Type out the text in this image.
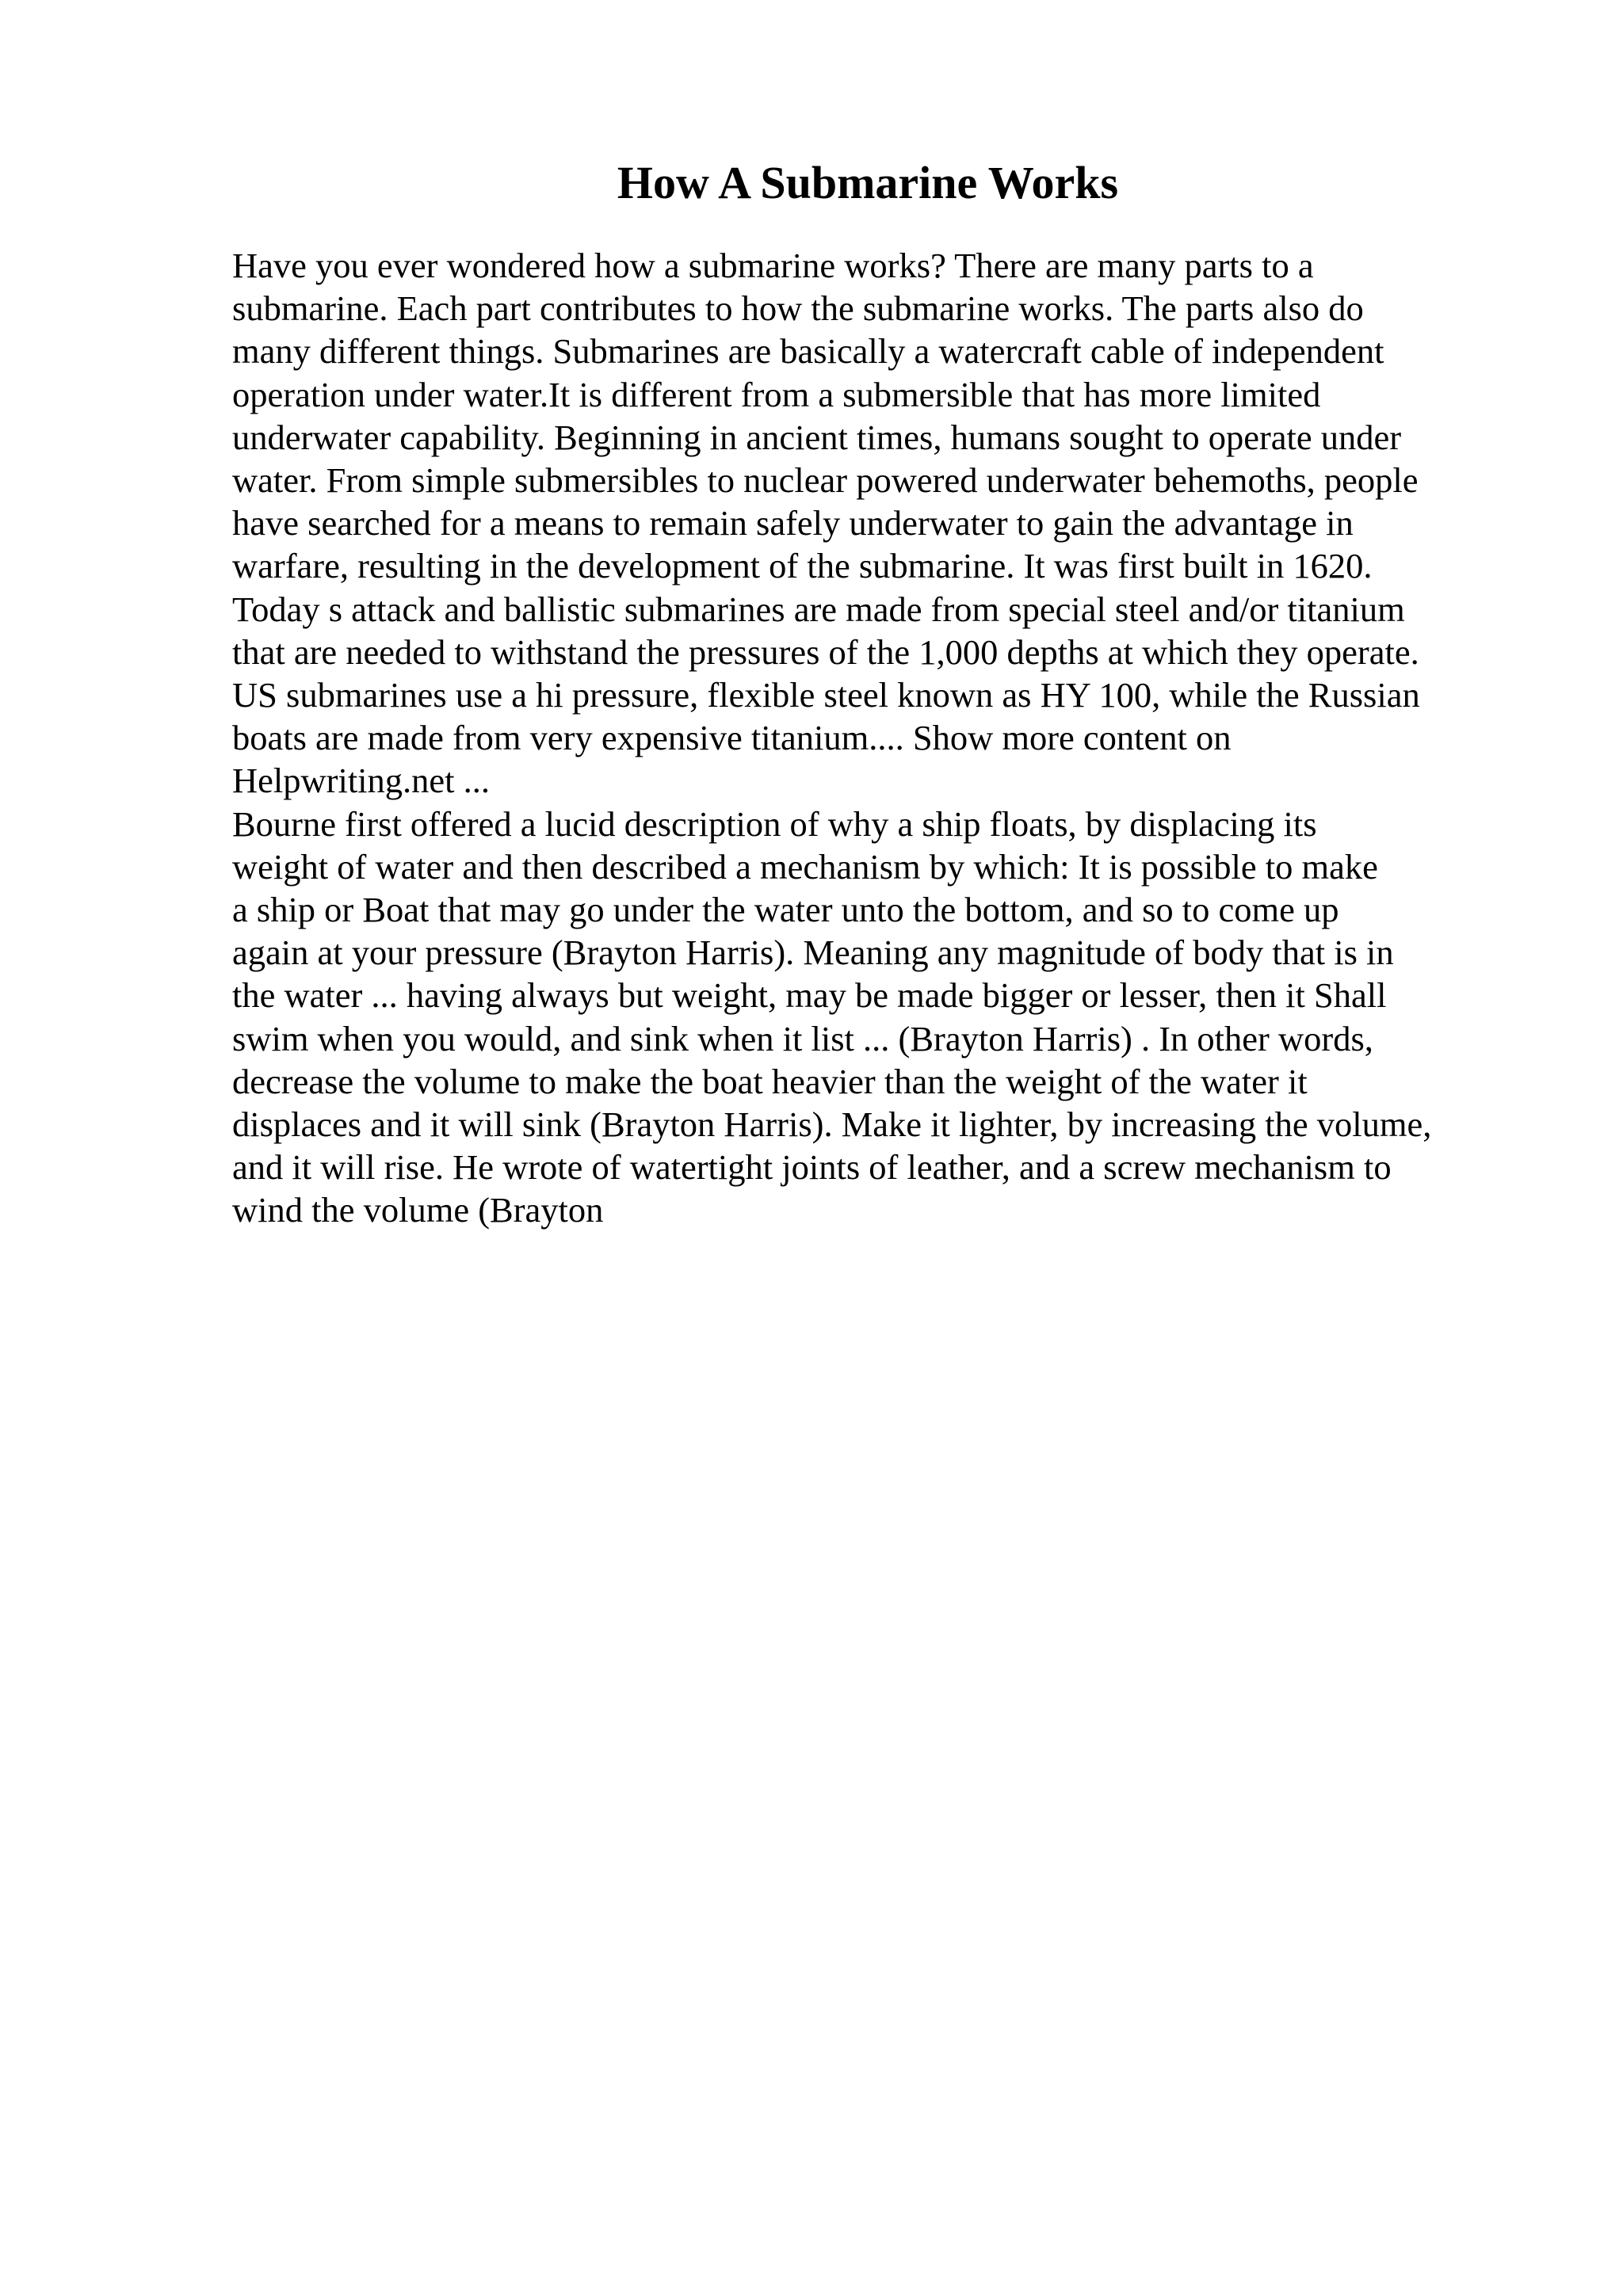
How A Submarine Works
Have you ever wondered how a submarine works? There are many parts to a
submarine. Each part contributes to how the submarine works. The parts also do
many different things. Submarines are basically a watercraft cable of independent
operation under water.It is different from a submersible that has more limited
underwater capability. Beginning in ancient times, humans sought to operate under
water. From simple submersibles to nuclear powered underwater behemoths, people
have searched for a means to remain safely underwater to gain the advantage in
warfare, resulting in the development of the submarine. It was first built in 1620.
Today s attack and ballistic submarines are made from special steel and/or titanium
that are needed to withstand the pressures of the 1,000 depths at which they operate.
US submarines use a hi pressure, flexible steel known as HY 100, while the Russian
boats are made from very expensive titanium.... Show more content on
Helpwriting.net ...
Bourne first offered a lucid description of why a ship floats, by displacing its
weight of water and then described a mechanism by which: It is possible to make
a ship or Boat that may go under the water unto the bottom, and so to come up
again at your pressure (Brayton Harris). Meaning any magnitude of body that is in
the water ... having always but weight, may be made bigger or lesser, then it Shall
swim when you would, and sink when it list ... (Brayton Harris) . In other words,
decrease the volume to make the boat heavier than the weight of the water it
displaces and it will sink (Brayton Harris). Make it lighter, by increasing the volume,
and it will rise. He wrote of watertight joints of leather, and a screw mechanism to
wind the volume (Brayton
